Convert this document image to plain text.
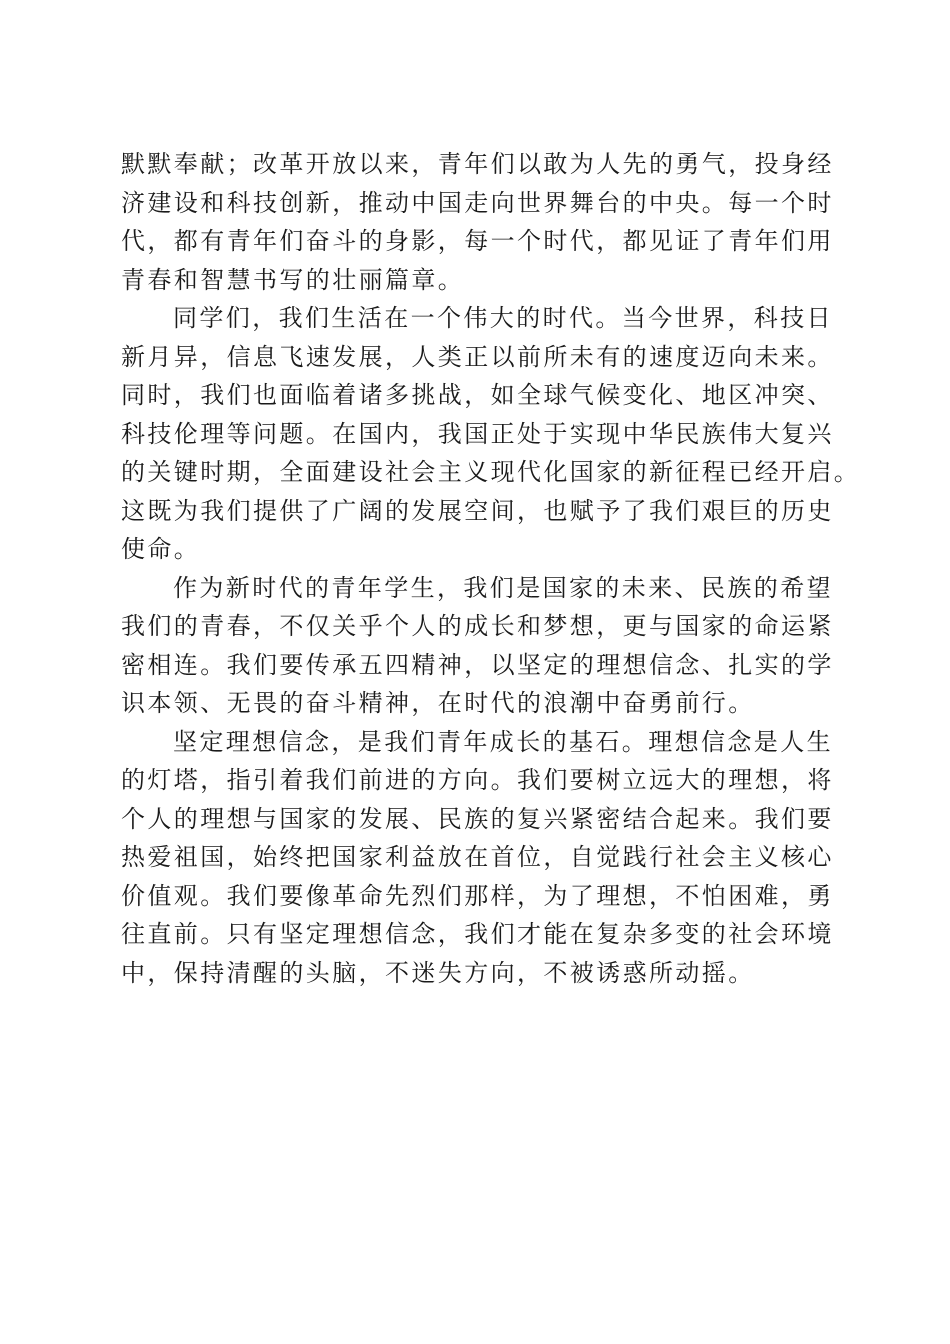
默默奉献；改革开放以来，青年们以敢为人先的勇气，投身经
济建设和科技创新，推动中国走向世界舞台的中央。每一个时
代，都有青年们奋斗的身影，每一个时代，都见证了青年们用
青春和智慧书写的壮丽篇章。
同学们，我们生活在一个伟大的时代。当今世界，科技日
新月异，信息飞速发展，人类正以前所未有的速度迈向未来。
同时，我们也面临着诸多挑战，如全球气候变化、地区冲突、
科技伦理等问题。在国内，我国正处于实现中华民族伟大复兴
的关键时期，全面建设社会主义现代化国家的新征程已经开启。
这既为我们提供了广阔的发展空间，也赋予了我们艰巨的历史
使命。
作为新时代的青年学生，我们是国家的未来、民族的希望
我们的青春，不仅关乎个人的成长和梦想，更与国家的命运紧
密相连。我们要传承五四精神，以坚定的理想信念、扎实的学
识本领、无畏的奋斗精神，在时代的浪潮中奋勇前行。
坚定理想信念，是我们青年成长的基石。理想信念是人生
的灯塔，指引着我们前进的方向。我们要树立远大的理想，将
个人的理想与国家的发展、民族的复兴紧密结合起来。我们要
热爱祖国，始终把国家利益放在首位，自觉践行社会主义核心
价值观。我们要像革命先烈们那样，为了理想，不怕困难，勇
往直前。只有坚定理想信念，我们才能在复杂多变的社会环境
中，保持清醒的头脑，不迷失方向，不被诱惑所动摇。
